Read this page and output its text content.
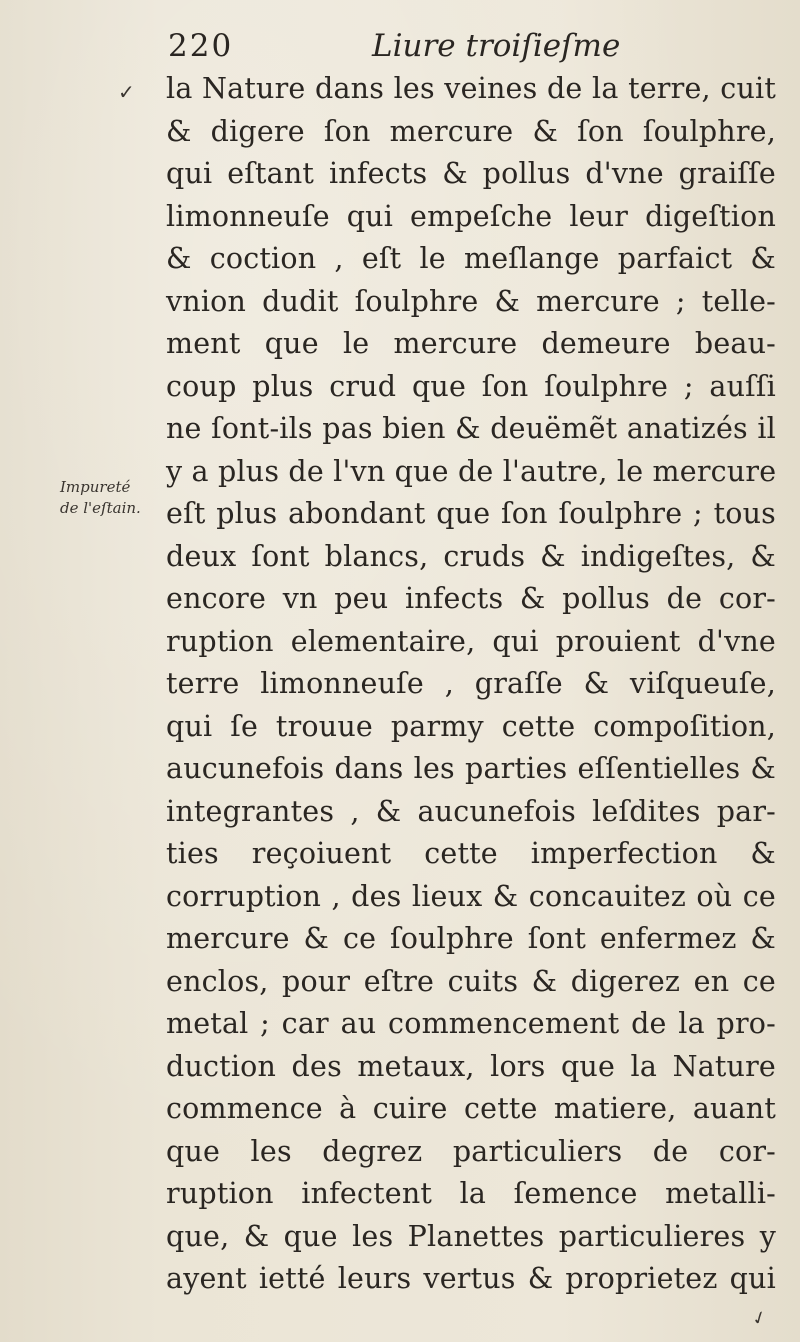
220	Liure troiſieſme
✓
Impureté
de l'eſtain.
la Nature dans les veines de la terre, cuit
& digere ſon mercure & ſon ſoulphre,
qui eſtant infects & pollus d'vne graiſſe
limonneuſe qui empeſche leur digeſtion
& coction , eſt le meſlange parfaict &
vnion dudit ſoulphre & mercure ; telle-
ment que le mercure demeure beau-
coup plus crud que ſon ſoulphre ; auſſi
ne ſont-ils pas bien & deuëmẽt anatizés il
y a plus de l'vn que de l'autre, le mercure
eſt plus abondant que ſon ſoulphre ; tous
deux ſont blancs, cruds & indigeſtes, &
encore vn peu infects & pollus de cor-
ruption elementaire, qui prouient d'vne
terre limonneuſe , graſſe & viſqueuſe,
qui ſe trouue parmy cette compoſition,
aucunefois dans les parties eſſentielles &
integrantes , & aucunefois leſdites par-
ties reçoiuent cette imperfection &
corruption , des lieux & concauitez où ce
mercure & ce ſoulphre ſont enfermez &
enclos, pour eſtre cuits & digerez en ce
metal ; car au commencement de la pro-
duction des metaux, lors que la Nature
commence à cuire cette matiere, auant
que les degrez particuliers de cor-
ruption infectent la ſemence metalli-
que, & que les Planettes particulieres y
ayent ietté leurs vertus & proprietez qui
✓
